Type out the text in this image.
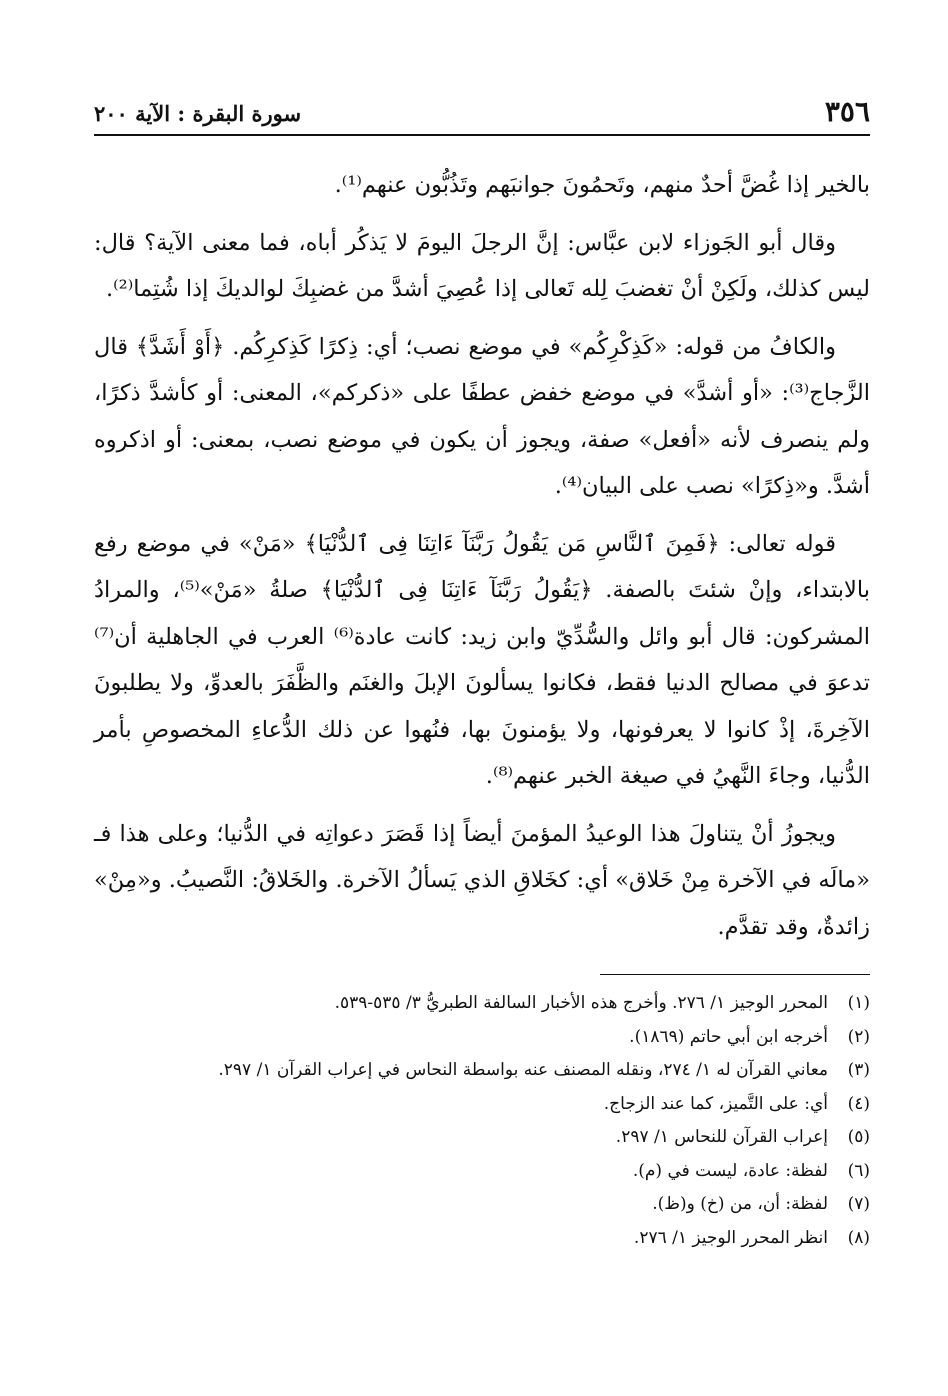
٣٥٦
سورة البقرة : الآية ٢٠٠

بالخير إذا غُضَّ أحدٌ منهم، وتَحمُونَ جوانبَهم وتَذُبُّون عنهم⁽¹⁾.

وقال أبو الجَوزاء لابن عبَّاس: إنَّ الرجلَ اليومَ لا يَذكُر أباه، فما معنى الآية؟ قال: ليس كذلك، ولَكِنْ أنْ تغضبَ لِله تَعالى إذا عُصِيَ أشدَّ من غضبِكَ لوالديكَ إذا شُتِما⁽²⁾.

والكافُ من قوله: «كَذِكْرِكُم» في موضع نصب؛ أي: ذِكرًا كَذِكرِكُم. ﴿أَوْ أَشَدَّ﴾ قال الزَّجاج⁽³⁾: «أو أشدَّ» في موضع خفض عطفًا على «ذكركم»، المعنى: أو كأشدَّ ذكرًا، ولم ينصرف لأنه «أفعل» صفة، ويجوز أن يكون في موضع نصب، بمعنى: أو اذكروه أشدَّ. و«ذِكرًا» نصب على البيان⁽⁴⁾.

قوله تعالى: ﴿فَمِنَ ٱلنَّاسِ مَن يَقُولُ رَبَّنَآ ءَاتِنَا فِى ٱلدُّنْيَا﴾ «مَنْ» في موضع رفع بالابتداء، وإنْ شئتَ بالصفة. ﴿يَقُولُ رَبَّنَآ ءَاتِنَا فِى ٱلدُّنْيَا﴾ صلةُ «مَنْ»⁽⁵⁾، والمرادُ المشركون: قال أبو وائل والسُّدِّيّ وابن زيد: كانت عادة⁽⁶⁾ العرب في الجاهلية أن⁽⁷⁾ تدعوَ في مصالح الدنيا فقط، فكانوا يسألونَ الإبلَ والغنَم والظَّفَرَ بالعدوِّ، ولا يطلبونَ الآخِرةَ، إذْ كانوا لا يعرفونها، ولا يؤمنونَ بها، فنُهوا عن ذلك الدُّعاءِ المخصوصِ بأمر الدُّنيا، وجاءَ النَّهيُ في صيغة الخبر عنهم⁽⁸⁾.

ويجوزُ أنْ يتناولَ هذا الوعيدُ المؤمنَ أيضاً إذا قَصَرَ دعواتِه في الدُّنيا؛ وعلى هذا فـ «مالَه في الآخرة مِنْ خَلاق» أي: كخَلاقِ الذي يَسألُ الآخرة. والخَلاقُ: النَّصيبُ. و«مِنْ» زائدةٌ، وقد تقدَّم.

(١)
المحرر الوجيز ١/ ٢٧٦. وأخرج هذه الأخبار السالفة الطبريُّ ٣/ ٥٣٥-٥٣٩.
(٢)
أخرجه ابن أبي حاتم (١٨٦٩).
(٣)
معاني القرآن له ١/ ٢٧٤، ونقله المصنف عنه بواسطة النحاس في إعراب القرآن ١/ ٢٩٧.
(٤)
أي: على التَّميز، كما عند الزجاج.
(٥)
إعراب القرآن للنحاس ١/ ٢٩٧.
(٦)
لفظة: عادة، ليست في (م).
(٧)
لفظة: أن، من (خ) و(ظ).
(٨)
انظر المحرر الوجيز ١/ ٢٧٦.
